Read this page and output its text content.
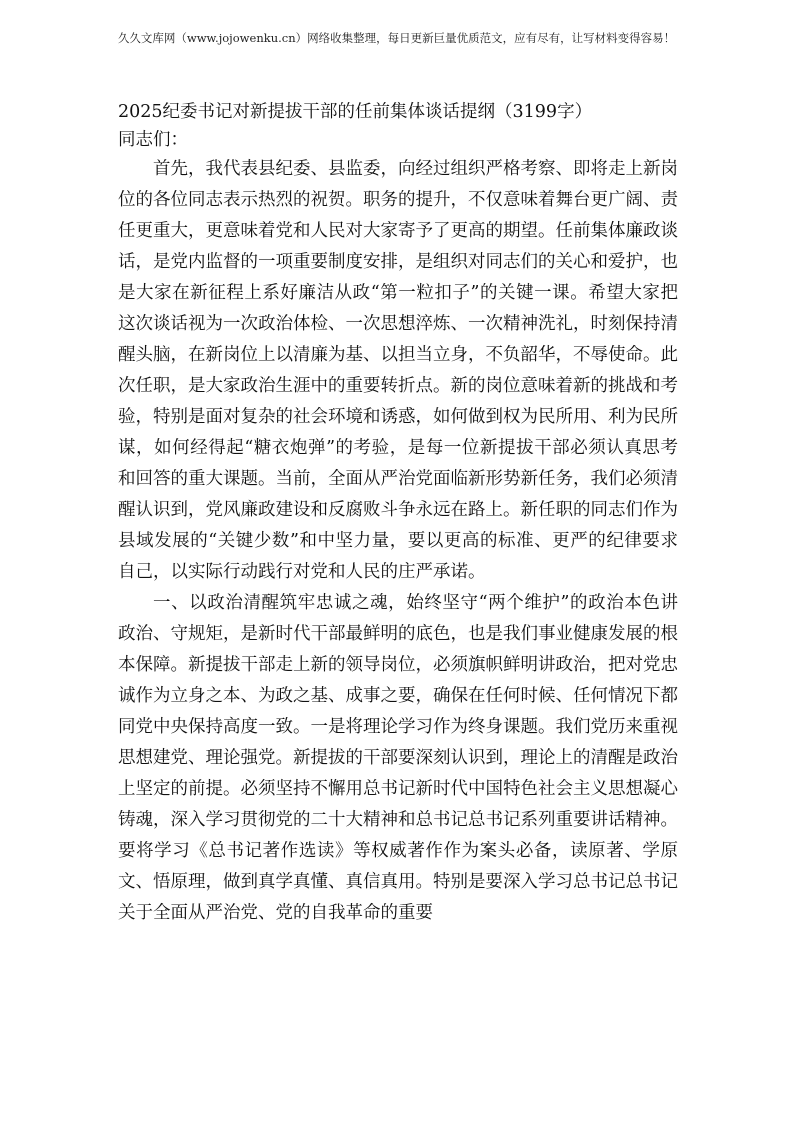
久久文库网（www.jojowenku.cn）网络收集整理，每日更新巨量优质范文，应有尽有，让写材料变得容易！

2025纪委书记对新提拔干部的任前集体谈话提纲（3199字）

同志们：

首先，我代表县纪委、县监委，向经过组织严格考察、即将走上新岗位的各位同志表示热烈的祝贺。职务的提升，不仅意味着舞台更广阔、责任更重大，更意味着党和人民对大家寄予了更高的期望。任前集体廉政谈话，是党内监督的一项重要制度安排，是组织对同志们的关心和爱护，也是大家在新征程上系好廉洁从政“第一粒扣子”的关键一课。希望大家把这次谈话视为一次政治体检、一次思想淬炼、一次精神洗礼，时刻保持清醒头脑，在新岗位上以清廉为基、以担当立身，不负韶华，不辱使命。此次任职，是大家政治生涯中的重要转折点。新的岗位意味着新的挑战和考验，特别是面对复杂的社会环境和诱惑，如何做到权为民所用、利为民所谋，如何经得起“糖衣炮弹”的考验，是每一位新提拔干部必须认真思考和回答的重大课题。当前，全面从严治党面临新形势新任务，我们必须清醒认识到，党风廉政建设和反腐败斗争永远在路上。新任职的同志们作为县域发展的“关键少数”和中坚力量，要以更高的标准、更严的纪律要求自己，以实际行动践行对党和人民的庄严承诺。

一、以政治清醒筑牢忠诚之魂，始终坚守“两个维护”的政治本色讲政治、守规矩，是新时代干部最鲜明的底色，也是我们事业健康发展的根本保障。新提拔干部走上新的领导岗位，必须旗帜鲜明讲政治，把对党忠诚作为立身之本、为政之基、成事之要，确保在任何时候、任何情况下都同党中央保持高度一致。一是将理论学习作为终身课题。我们党历来重视思想建党、理论强党。新提拔的干部要深刻认识到，理论上的清醒是政治上坚定的前提。必须坚持不懈用总书记新时代中国特色社会主义思想凝心铸魂，深入学习贯彻党的二十大精神和总书记总书记系列重要讲话精神。要将学习《总书记著作选读》等权威著作作为案头必备，读原著、学原文、悟原理，做到真学真懂、真信真用。特别是要深入学习总书记总书记关于全面从严治党、党的自我革命的重要
